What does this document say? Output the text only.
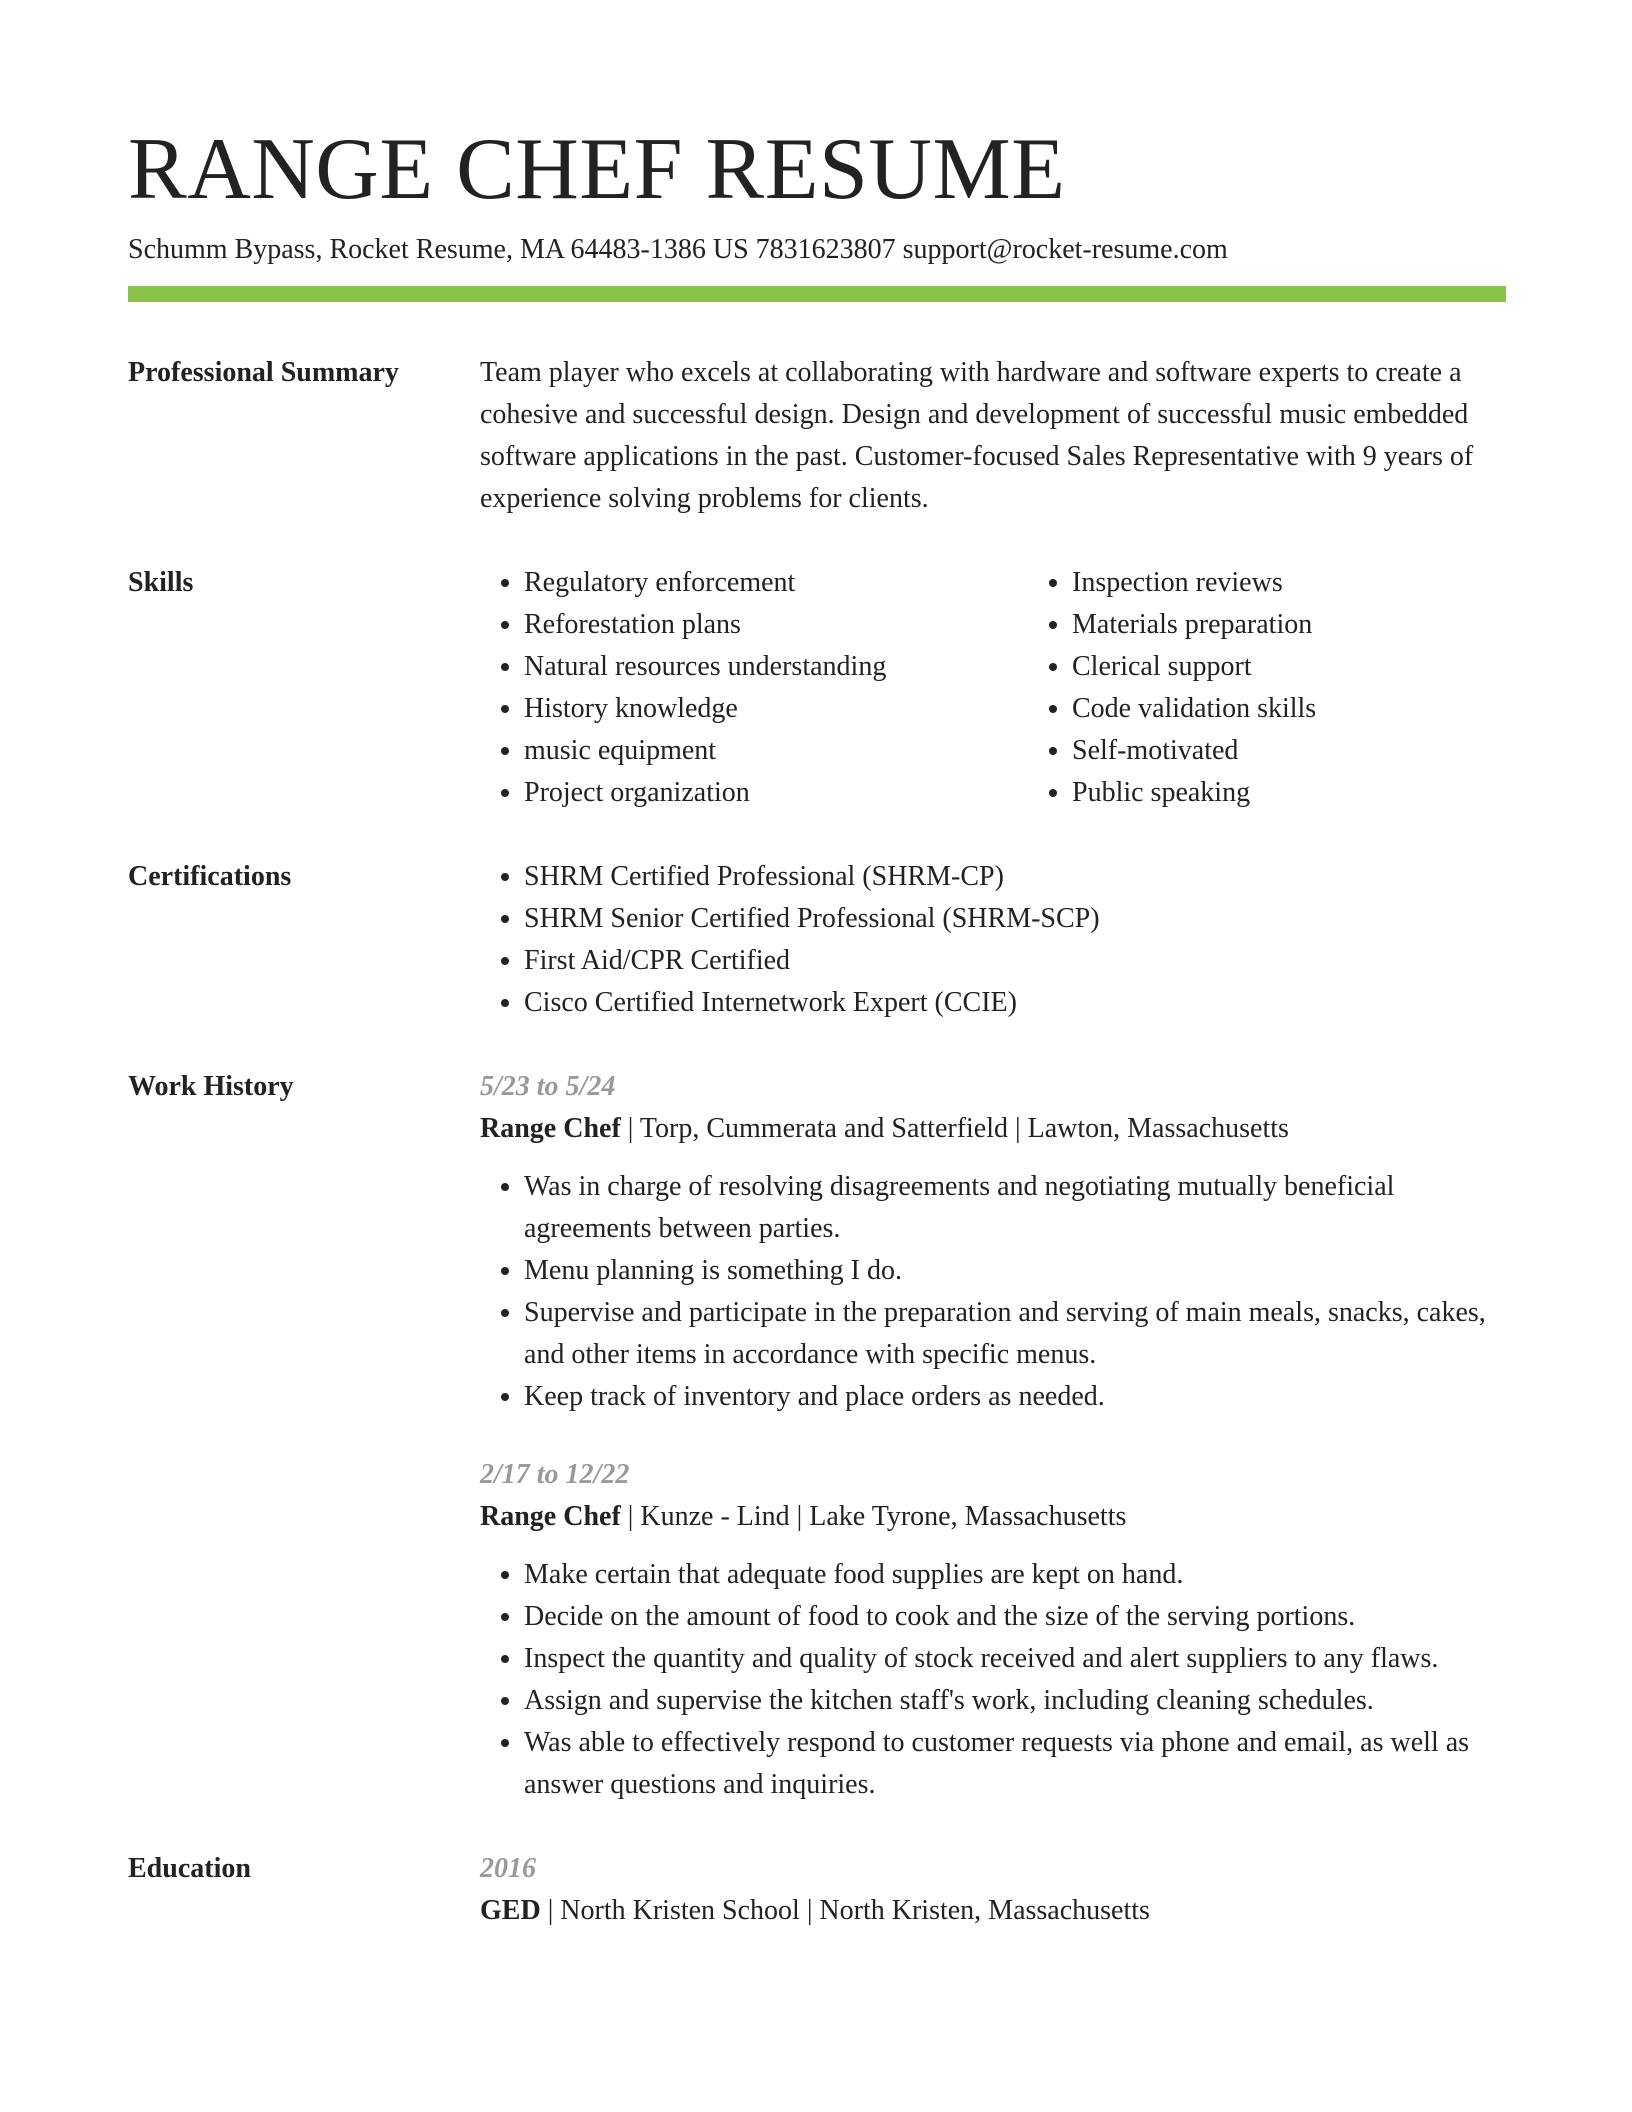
RANGE CHEF RESUME
Schumm Bypass, Rocket Resume, MA 64483-1386 US 7831623807 support@rocket-resume.com
Professional Summary	Team player who excels at collaborating with hardware and software experts to create a cohesive and successful design. Design and development of successful music embedded software applications in the past. Customer-focused Sales Representative with 9 years of experience solving problems for clients.

Skills	• Regulatory enforcement
• Reforestation plans
• Natural resources understanding
• History knowledge
• music equipment
• Project organization
• Inspection reviews
• Materials preparation
• Clerical support
• Code validation skills
• Self-motivated
• Public speaking
Certifications	• SHRM Certified Professional (SHRM-CP)
• SHRM Senior Certified Professional (SHRM-SCP)
• First Aid/CPR Certified
• Cisco Certified Internetwork Expert (CCIE)
Work History	5/23 to 5/24
Range Chef | Torp, Cummerata and Satterfield | Lawton, Massachusetts
• Was in charge of resolving disagreements and negotiating mutually beneficial agreements between parties.
• Menu planning is something I do.
• Supervise and participate in the preparation and serving of main meals, snacks, cakes, and other items in accordance with specific menus.
• Keep track of inventory and place orders as needed.
2/17 to 12/22
Range Chef | Kunze - Lind | Lake Tyrone, Massachusetts
• Make certain that adequate food supplies are kept on hand.
• Decide on the amount of food to cook and the size of the serving portions.
• Inspect the quantity and quality of stock received and alert suppliers to any flaws.
• Assign and supervise the kitchen staff's work, including cleaning schedules.
• Was able to effectively respond to customer requests via phone and email, as well as answer questions and inquiries.
Education	2016
GED | North Kristen School | North Kristen, Massachusetts
